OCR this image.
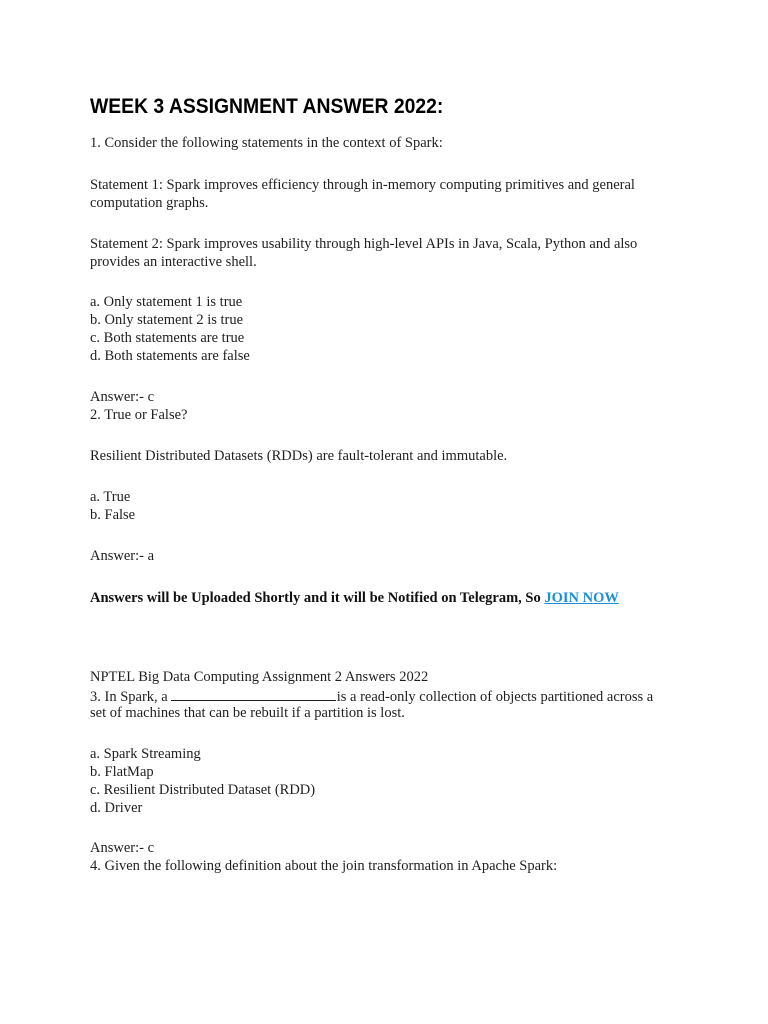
WEEK 3 ASSIGNMENT ANSWER 2022:
1. Consider the following statements in the context of Spark:
Statement 1: Spark improves efficiency through in-memory computing primitives and general
computation graphs.
Statement 2: Spark improves usability through high-level APIs in Java, Scala, Python and also
provides an interactive shell.
a. Only statement 1 is true
b. Only statement 2 is true
c. Both statements are true
d. Both statements are false
Answer:- c
2. True or False?
Resilient Distributed Datasets (RDDs) are fault-tolerant and immutable.
a. True
b. False
Answer:- a
Answers will be Uploaded Shortly and it will be Notified on Telegram, So JOIN NOW
NPTEL Big Data Computing Assignment 2 Answers 2022
3. In Spark, a	is a read-only collection of objects partitioned across a
set of machines that can be rebuilt if a partition is lost.
a. Spark Streaming
b. FlatMap
c. Resilient Distributed Dataset (RDD)
d. Driver
Answer:- c
4. Given the following definition about the join transformation in Apache Spark:
